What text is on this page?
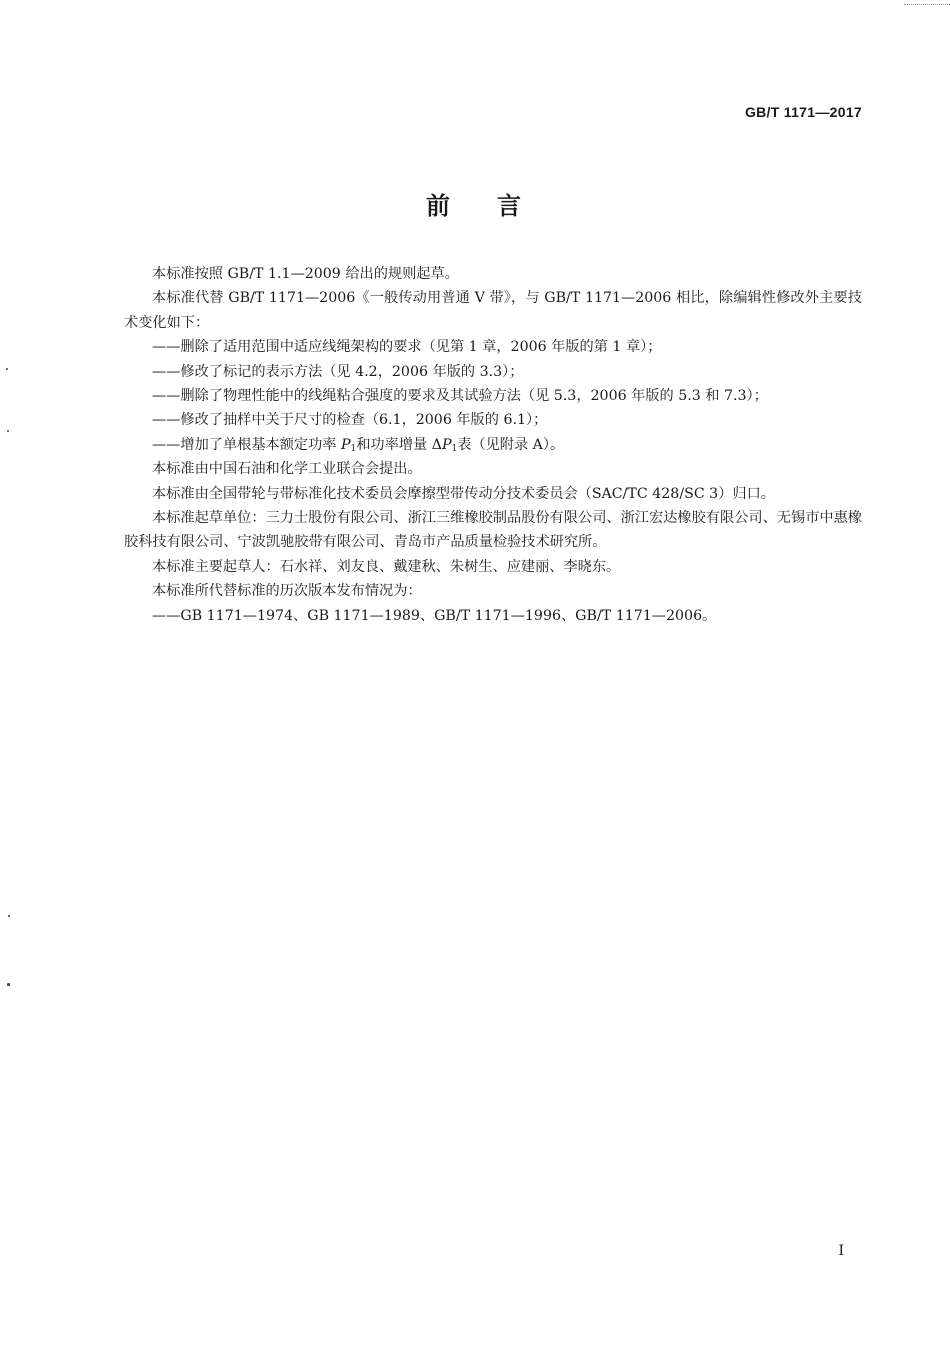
GB/T 1171—2017
前 言

本标准按照 GB/T 1.1—2009 给出的规则起草。

本标准代替 GB/T 1171—2006《一般传动用普通 V 带》，与 GB/T 1171—2006 相比，除编辑性修改外主要技术变化如下：

——删除了适用范围中适应线绳架构的要求（见第 1 章，2006 年版的第 1 章）；

——修改了标记的表示方法（见 4.2，2006 年版的 3.3）；

——删除了物理性能中的线绳粘合强度的要求及其试验方法（见 5.3，2006 年版的 5.3 和 7.3）；

——修改了抽样中关于尺寸的检查（6.1，2006 年版的 6.1）；

——增加了单根基本额定功率 $P_1$和功率增量 $\Delta P_1$表（见附录 A）。

本标准由中国石油和化学工业联合会提出。

本标准由全国带轮与带标准化技术委员会摩擦型带传动分技术委员会（SAC/TC 428/SC 3）归口。

本标准起草单位：三力士股份有限公司、浙江三维橡胶制品股份有限公司、浙江宏达橡胶有限公司、无锡市中惠橡胶科技有限公司、宁波凯驰胶带有限公司、青岛市产品质量检验技术研究所。

本标准主要起草人：石水祥、刘友良、戴建秋、朱树生、应建丽、李晓东。

本标准所代替标准的历次版本发布情况为：

——GB 1171—1974、GB 1171—1989、GB/T 1171—1996、GB/T 1171—2006。

I
